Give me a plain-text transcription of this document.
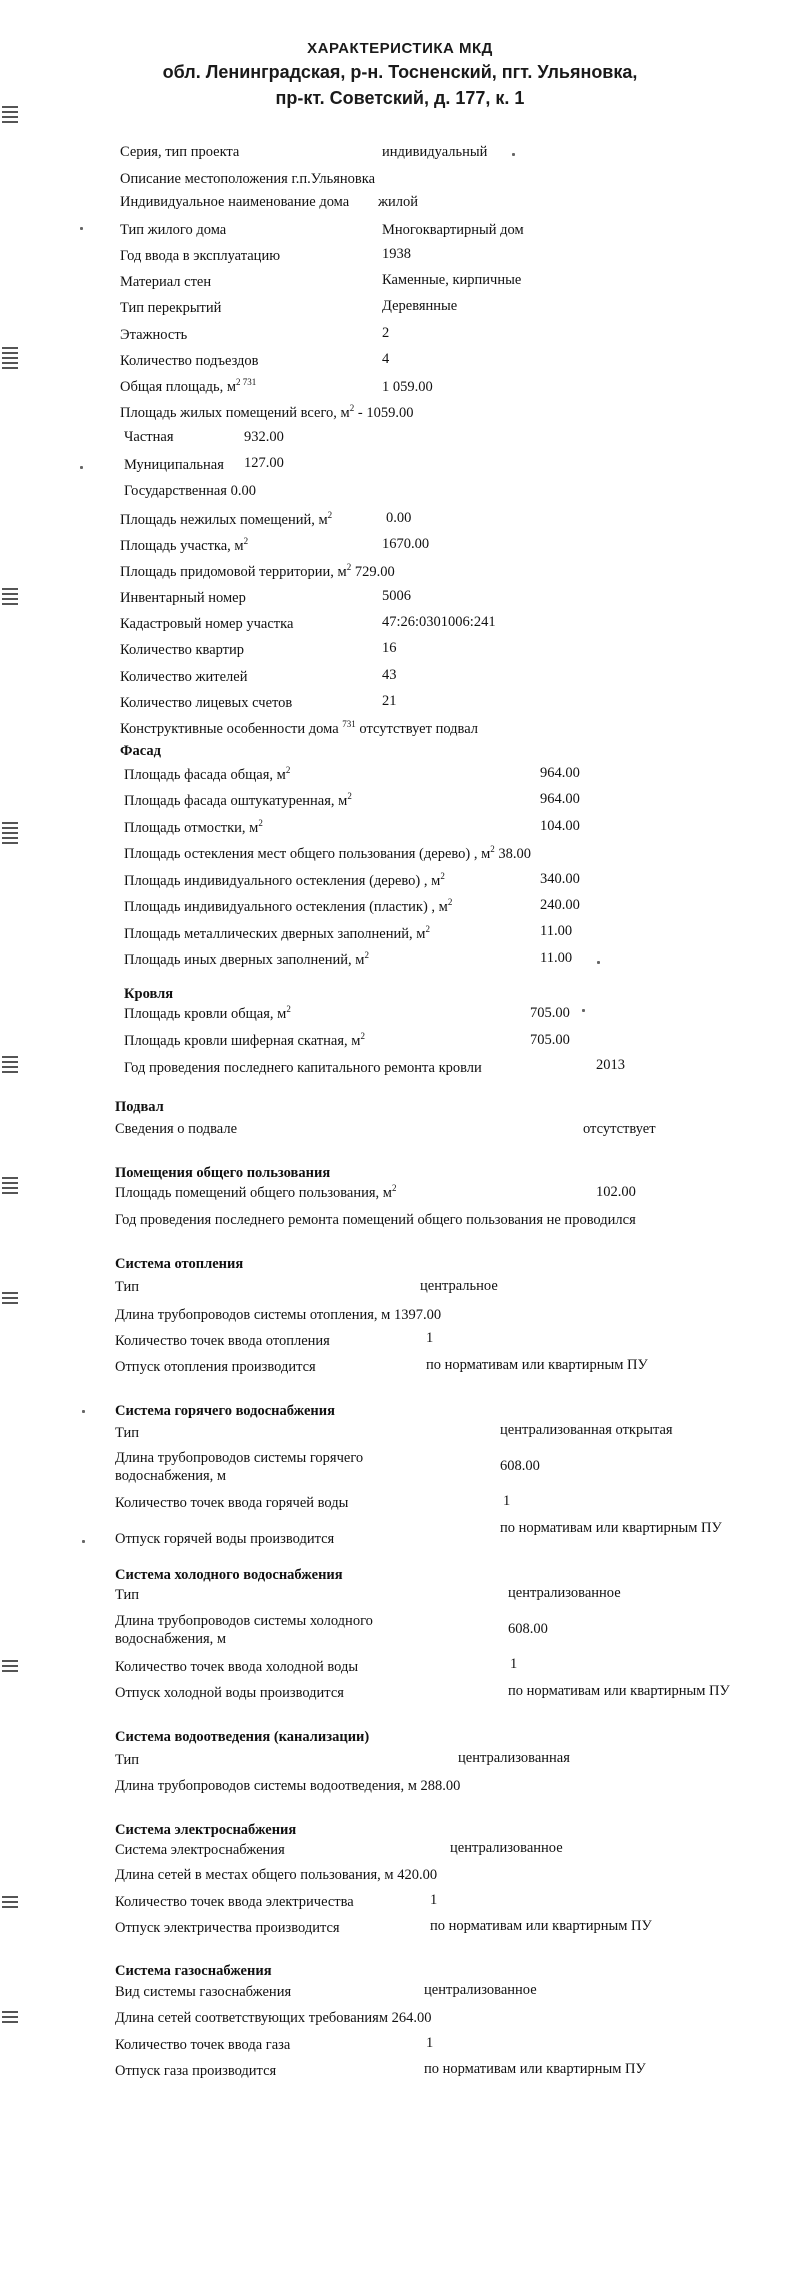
ХАРАКТЕРИСТИКА МКД
обл. Ленинградская, р-н. Тосненский, пгт. Ульяновка,
пр-кт. Советский, д. 177, к. 1
Серия, тип проекта	индивидуальный
Описание местоположения г.п.Ульяновка
Индивидуальное наименование дома жилой
Тип жилого дома	Многоквартирный дом
Год ввода в эксплуатацию	1938
Материал стен	Каменные, кирпичные
Тип перекрытий	Деревянные
Этажность	2
Количество подъездов	4
Общая площадь, $м^{2 731}$	1 059.00
Площадь жилых помещений всего, $м^2 - 1059.00$
Частная	932.00
Муниципальная 127.00
Государственная 0.00
Площадь нежилых помещений, $м^2$	0.00
Площадь участка, $м^2$	1670.00
Площадь придомовой территории, $м^2$ 729.00
Инвентарный номер	5006
Кадастровый номер участка	47:26:0301006:241
Количество квартир	16
Количество жителей	43
Количество лицевых счетов	21
Конструктивные особенности дома $^{731}$ отсутствует подвал
Фасад
Площадь фасада общая, $м^2$	964.00
Площадь фасада оштукатуренная, $м^2$	964.00
Площадь отмостки, $м^2$	104.00
Площадь остекления мест общего пользования (дерево) , $м^2$ 38.00
Площадь индивидуального остекления (дерево) , $м^2$	340.00
Площадь индивидуального остекления (пластик) , $м^2$	240.00
Площадь металлических дверных заполнений, $м^2$	11.00
Площадь иных дверных заполнений, $м^2$	11.00
Кровля
Площадь кровли общая, $м^2$	705.00
Площадь кровли шиферная скатная, $м^2$	705.00
Год проведения последнего капитального ремонта кровли	2013
Подвал
Сведения о подвале	отсутствует
Помещения общего пользования
Площадь помещений общего пользования, $м^2$	102.00
Год проведения последнего ремонта помещений общего пользования не проводился
Система отопления
Тип	центральное
Длина трубопроводов системы отопления, м 1397.00
Количество точек ввода отопления	1
Отпуск отопления производится	по нормативам или квартирным ПУ
Система горячего водоснабжения
Тип	централизованная открытая
Длина трубопроводов системы горячего водоснабжения, м
608.00
Количество точек ввода горячей воды	1
Отпуск горячей воды производится
по нормативам или квартирным ПУ
Система холодного водоснабжения
Тип	централизованное
Длина трубопроводов системы холодного водоснабжения, м
608.00
Количество точек ввода холодной воды	1
Отпуск холодной воды производится	по нормативам или квартирным ПУ
Система водоотведения (канализации)
Тип	централизованная
Длина трубопроводов системы водоотведения, м 288.00
Система электроснабжения
Система электроснабжения	централизованное
Длина сетей в местах общего пользования, м 420.00
Количество точек ввода электричества	1
Отпуск электричества производится	по нормативам или квартирным ПУ
Система газоснабжения
Вид системы газоснабжения	централизованное
Длина сетей соответствующих требованиям 264.00
Количество точек ввода газа	1
Отпуск газа производится	по нормативам или квартирным ПУ
